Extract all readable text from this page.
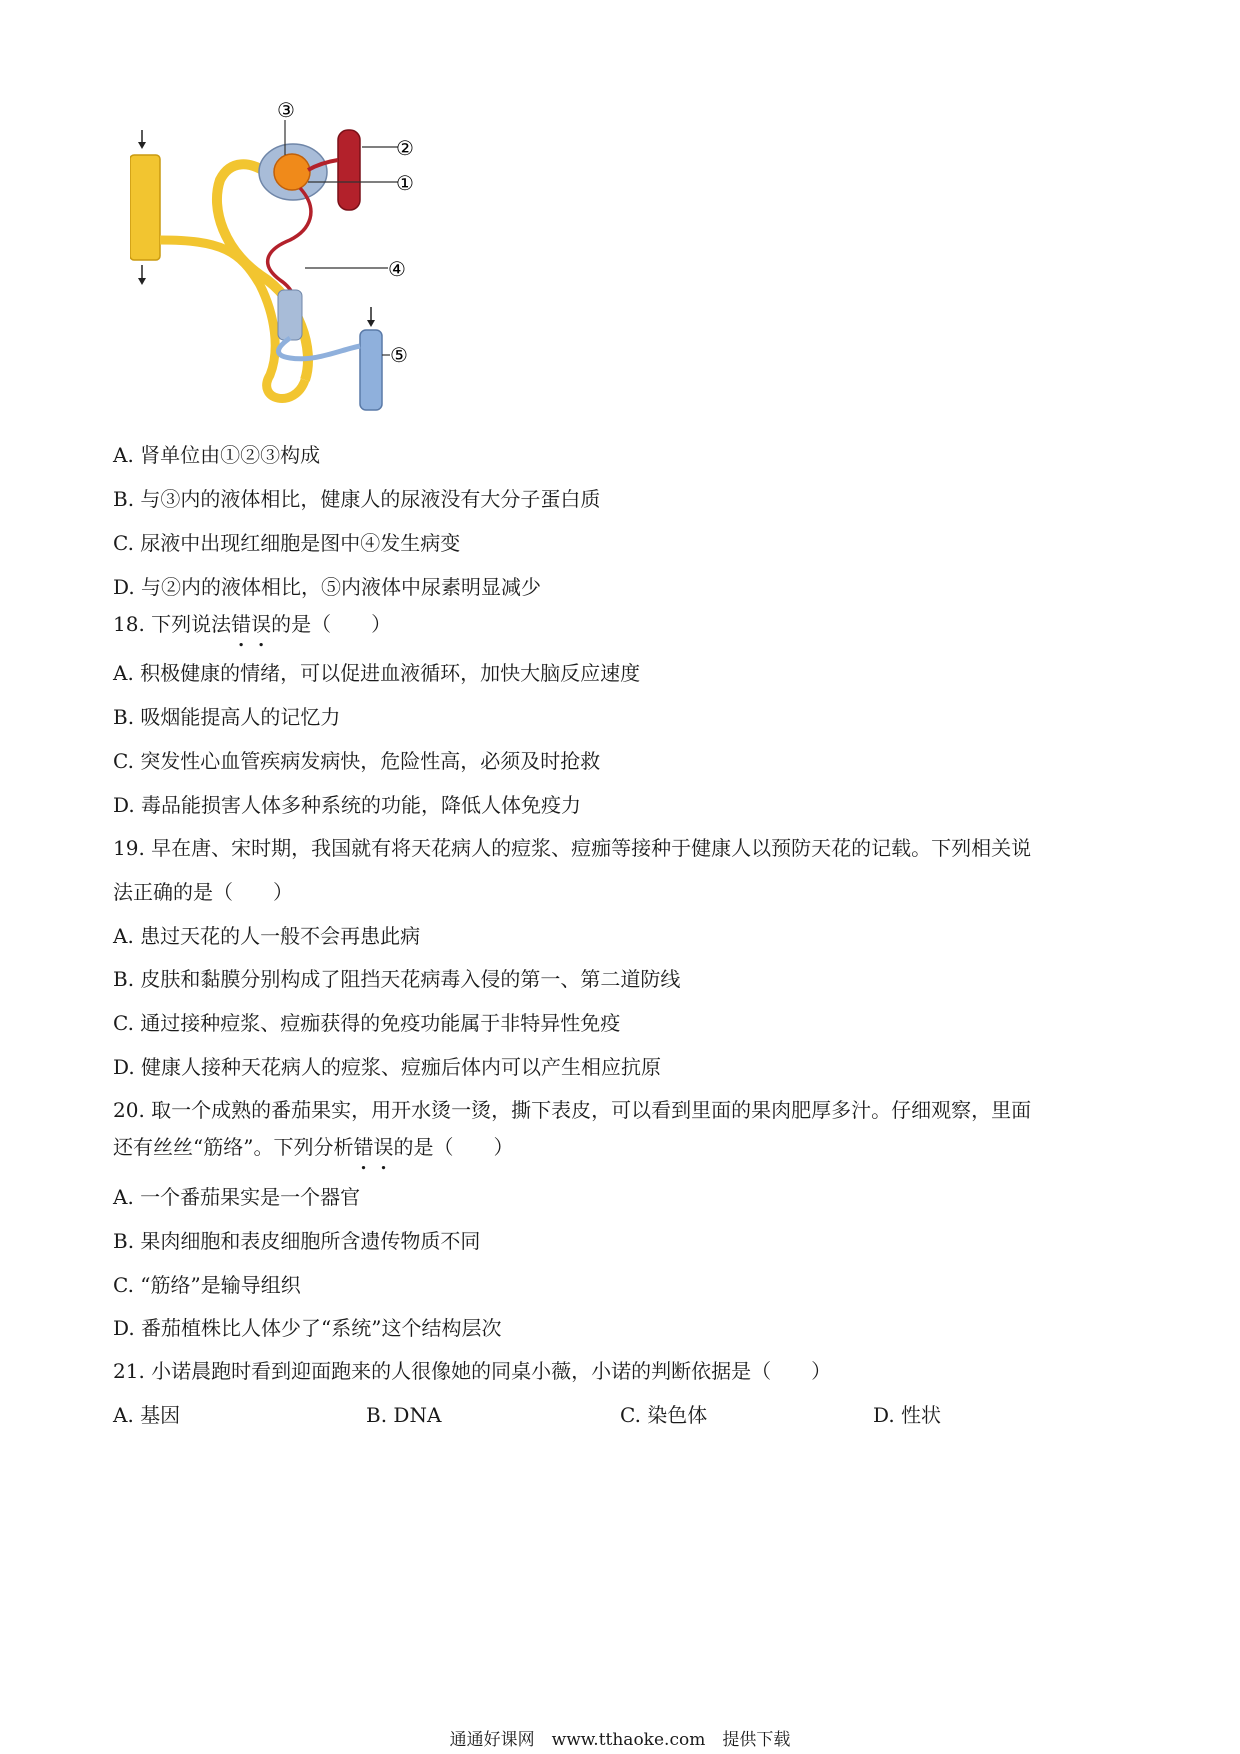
③
②
①
④
⑤
A. 肾单位由①②③构成
B. 与③内的液体相比，健康人的尿液没有大分子蛋白质
C. 尿液中出现红细胞是图中④发生病变
D. 与②内的液体相比，⑤内液体中尿素明显减少
18. 下列说法错误的是（　　）
A. 积极健康的情绪，可以促进血液循环，加快大脑反应速度
B. 吸烟能提高人的记忆力
C. 突发性心血管疾病发病快，危险性高，必须及时抢救
D. 毒品能损害人体多种系统的功能，降低人体免疫力
19. 早在唐、宋时期，我国就有将天花病人的痘浆、痘痂等接种于健康人以预防天花的记载。下列相关说
法正确的是（　　）
A. 患过天花的人一般不会再患此病
B. 皮肤和黏膜分别构成了阻挡天花病毒入侵的第一、第二道防线
C. 通过接种痘浆、痘痂获得的免疫功能属于非特异性免疫
D. 健康人接种天花病人的痘浆、痘痂后体内可以产生相应抗原
20. 取一个成熟的番茄果实，用开水烫一烫，撕下表皮，可以看到里面的果肉肥厚多汁。仔细观察，里面
还有丝丝“筋络”。下列分析错误的是（　　）
A. 一个番茄果实是一个器官
B. 果肉细胞和表皮细胞所含遗传物质不同
C. “筋络”是输导组织
D. 番茄植株比人体少了“系统”这个结构层次
21. 小诺晨跑时看到迎面跑来的人很像她的同桌小薇，小诺的判断依据是（　　）
A. 基因	B. DNA	C. 染色体	D. 性状
通通好课网　www.tthaoke.com　提供下载
